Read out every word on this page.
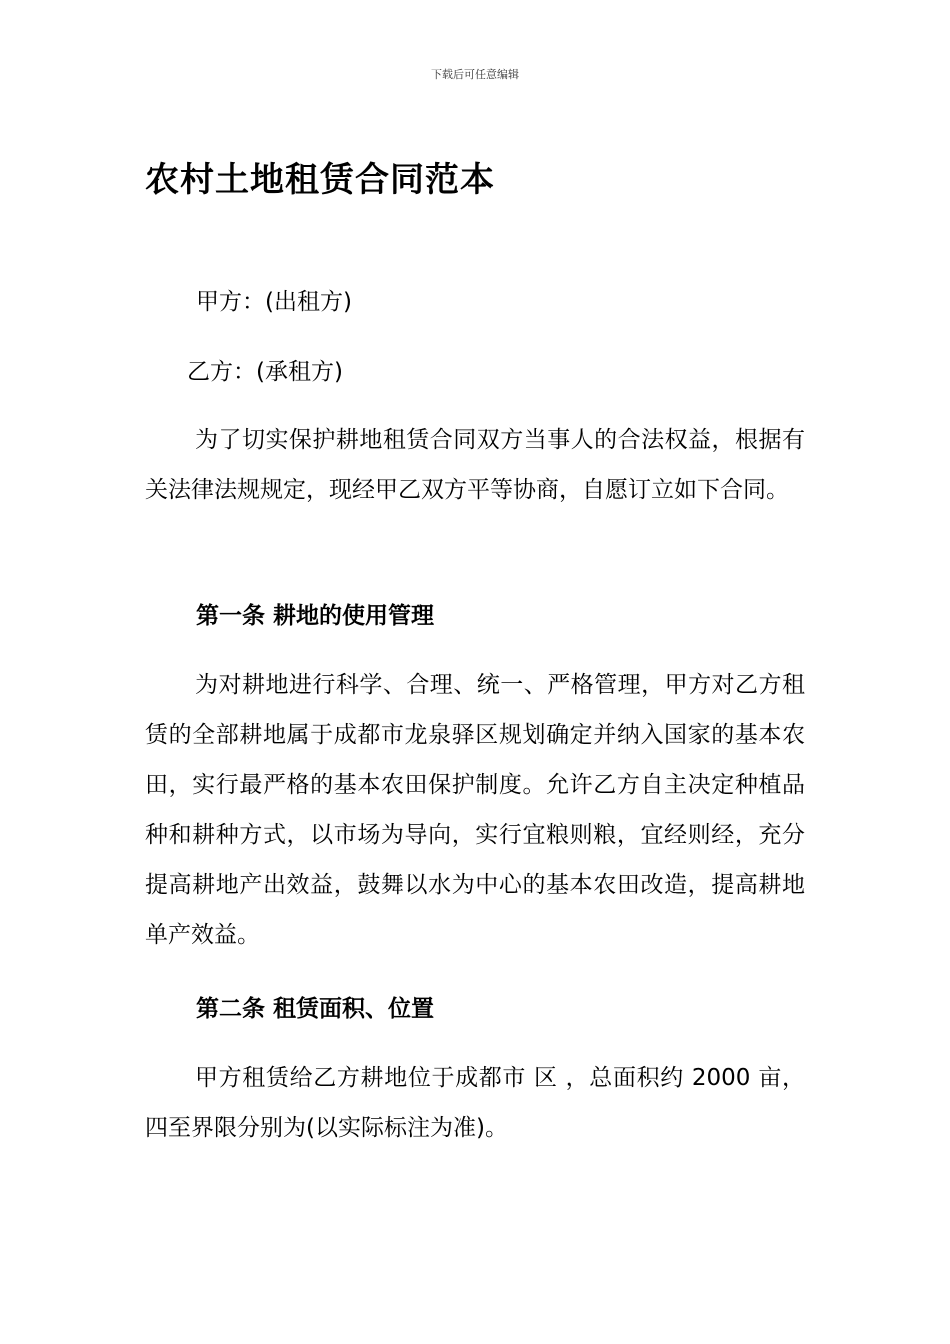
下载后可任意编辑
农村土地租赁合同范本
甲方：(出租方)
乙方：(承租方)

为了切实保护耕地租赁合同双方当事人的合法权益，根据有关法律法规规定，现经甲乙双方平等协商，自愿订立如下合同。

第一条 耕地的使用管理

为对耕地进行科学、合理、统一、严格管理，甲方对乙方租赁的全部耕地属于成都市龙泉驿区规划确定并纳入国家的基本农田，实行最严格的基本农田保护制度。允许乙方自主决定种植品种和耕种方式，以市场为导向，实行宜粮则粮，宜经则经，充分提高耕地产出效益，鼓舞以水为中心的基本农田改造，提高耕地单产效益。

第二条 租赁面积、位置

甲方租赁给乙方耕地位于成都市 区 ，总面积约 2000 亩，四至界限分别为(以实际标注为准)。
